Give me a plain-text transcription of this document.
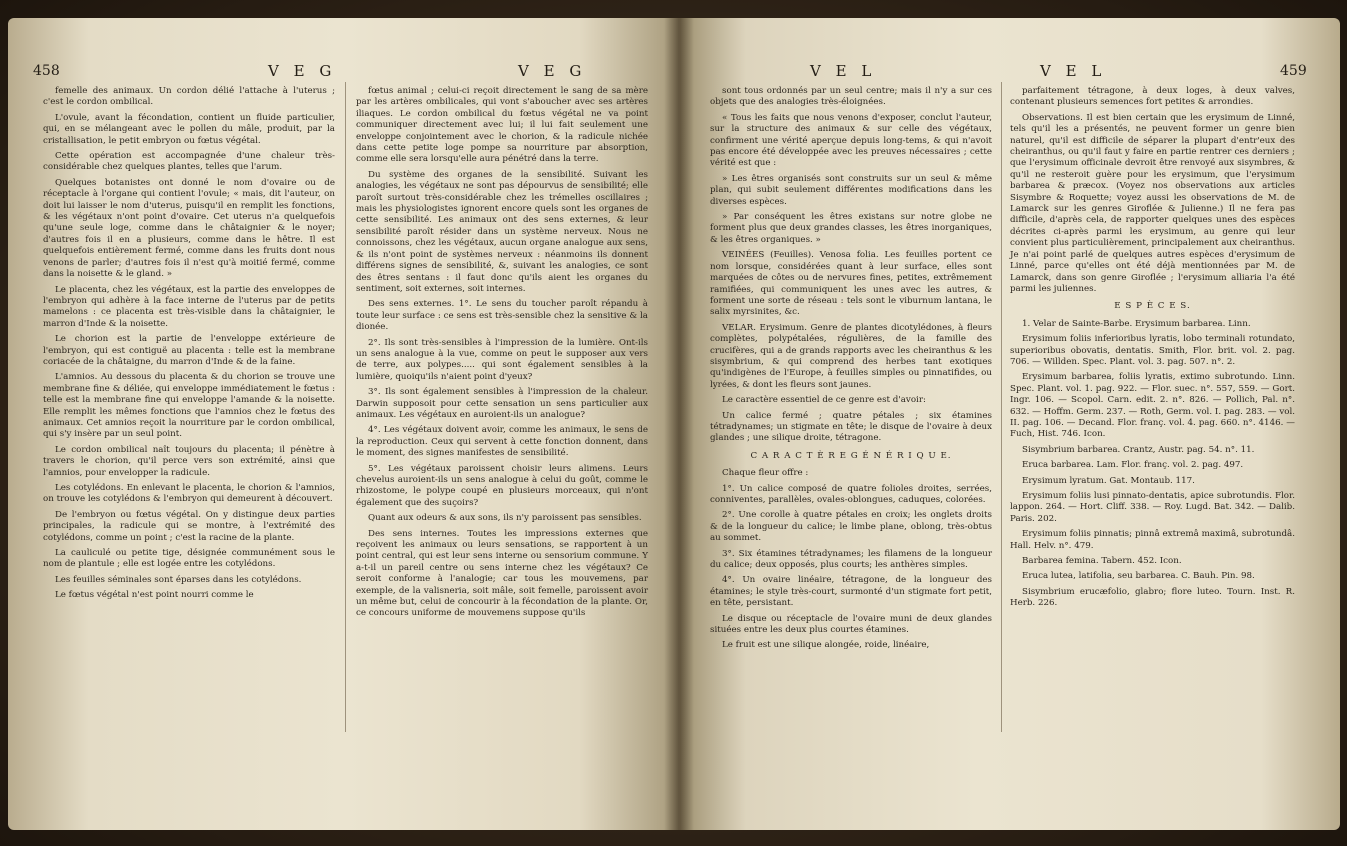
458	V E G	V E G

femelle des animaux. Un cordon délié l'attache à l'uterus ; c'est le cordon ombilical.

L'ovule, avant la fécondation, contient un fluide particulier, qui, en se mélangeant avec le pollen du mâle, produit, par la cristallisation, le petit embryon ou fœtus végétal.

Cette opération est accompagnée d'une chaleur très-considérable chez quelques plantes, telles que l'arum.

Quelques botanistes ont donné le nom d'ovaire ou de réceptacle à l'organe qui contient l'ovule; « mais, dit l'auteur, on doit lui laisser le nom d'uterus, puisqu'il en remplit les fonctions, & les végétaux n'ont point d'ovaire. Cet uterus n'a quelquefois qu'une seule loge, comme dans le châtaignier & le noyer; d'autres fois il en a plusieurs, comme dans le hêtre. Il est quelquefois entièrement fermé, comme dans les fruits dont nous venons de parler; d'autres fois il n'est qu'à moitié fermé, comme dans la noisette & le gland. »

Le placenta, chez les végétaux, est la partie des enveloppes de l'embryon qui adhère à la face interne de l'uterus par de petits mamelons : ce placenta est très-visible dans la châtaignier, le marron d'Inde & la noisette.

Le chorion est la partie de l'enveloppe extérieure de l'embryon, qui est contiguë au placenta : telle est la membrane coriacée de la châtaigne, du marron d'Inde & de la faine.

L'amnios. Au dessous du placenta & du chorion se trouve une membrane fine & déliée, qui enveloppe immédiatement le fœtus : telle est la membrane fine qui enveloppe l'amande & la noisette. Elle remplit les mêmes fonctions que l'amnios chez le fœtus des animaux. Cet amnios reçoit la nourriture par le cordon ombilical, qui s'y insère par un seul point.

Le cordon ombilical naît toujours du placenta; il pénètre à travers le chorion, qu'il perce vers son extrémité, ainsi que l'amnios, pour envelopper la radicule.

Les cotylédons. En enlevant le placenta, le chorion & l'amnios, on trouve les cotylédons & l'embryon qui demeurent à découvert.

De l'embryon ou fœtus végétal. On y distingue deux parties principales, la radicule qui se montre, à l'extrémité des cotylédons, comme un point ; c'est la racine de la plante.

La cauliculé ou petite tige, désignée communément sous le nom de plantule ; elle est logée entre les cotylédons.

Les feuilles séminales sont éparses dans les cotylédons.

Le fœtus végétal n'est point nourri comme le

fœtus animal ; celui-ci reçoit directement le sang de sa mère par les artères ombilicales, qui vont s'aboucher avec ses artères iliaques. Le cordon ombilical du fœtus végétal ne va point communiquer directement avec lui; il lui fait seulement une enveloppe conjointement avec le chorion, & la radicule nichée dans cette petite loge pompe sa nourriture par absorption, comme elle sera lorsqu'elle aura pénétré dans la terre.

Du système des organes de la sensibilité. Suivant les analogies, les végétaux ne sont pas dépourvus de sensibilité; elle paroît surtout très-considérable chez les trémelles oscillaires ; mais les physiologistes ignorent encore quels sont les organes de cette sensibilité. Les animaux ont des sens externes, & leur sensibilité paroît résider dans un système nerveux. Nous ne connoissons, chez les végétaux, aucun organe analogue aux sens, & ils n'ont point de systèmes nerveux : néanmoins ils donnent différens signes de sensibilité, &, suivant les analogies, ce sont des êtres sentans : il faut donc qu'ils aient les organes du sentiment, soit externes, soit internes.

Des sens externes. 1°. Le sens du toucher paroît répandu à toute leur surface : ce sens est très-sensible chez la sensitive & la dionée.

2°. Ils sont très-sensibles à l'impression de la lumière. Ont-ils un sens analogue à la vue, comme on peut le supposer aux vers de terre, aux polypes..... qui sont également sensibles à la lumière, quoiqu'ils n'aient point d'yeux?

3°. Ils sont également sensibles à l'impression de la chaleur. Darwin supposoit pour cette sensation un sens particulier aux animaux. Les végétaux en auroient-ils un analogue?

4°. Les végétaux doivent avoir, comme les animaux, le sens de la reproduction. Ceux qui servent à cette fonction donnent, dans le moment, des signes manifestes de sensibilité.

5°. Les végétaux paroissent choisir leurs alimens. Leurs chevelus auroient-ils un sens analogue à celui du goût, comme le rhizostome, le polype coupé en plusieurs morceaux, qui n'ont également que des suçoirs?

Quant aux odeurs & aux sons, ils n'y paroissent pas sensibles.

Des sens internes. Toutes les impressions externes que reçoivent les animaux ou leurs sensations, se rapportent à un point central, qui est leur sens interne ou sensorium commune. Y a-t-il un pareil centre ou sens interne chez les végétaux? Ce seroit conforme à l'analogie; car tous les mouvemens, par exemple, de la valisneria, soit mâle, soit femelle, paroissent avoir un même but, celui de concourir à la fécondation de la plante. Or, ce concours uniforme de mouvemens suppose qu'ils

V E L	V E L	459

sont tous ordonnés par un seul centre; mais il n'y a sur ces objets que des analogies très-éloignées.

« Tous les faits que nous venons d'exposer, conclut l'auteur, sur la structure des animaux & sur celle des végétaux, confirment une vérité aperçue depuis long-tems, & qui n'avoit pas encore été développée avec les preuves nécessaires ; cette vérité est que :

» Les êtres organisés sont construits sur un seul & même plan, qui subit seulement différentes modifications dans les diverses espèces.

» Par conséquent les êtres existans sur notre globe ne forment plus que deux grandes classes, les êtres inorganiques, & les êtres organiques. »

VEINÉES (Feuilles). Venosa folia. Les feuilles portent ce nom lorsque, considérées quant à leur surface, elles sont marquées de côtes ou de nervures fines, petites, extrêmement ramifiées, qui communiquent les unes avec les autres, & forment une sorte de réseau : tels sont le viburnum lantana, le salix myrsinites, &c.

VELAR. Erysimum. Genre de plantes dicotylédones, à fleurs complètes, polypétalées, régulières, de la famille des crucifères, qui a de grands rapports avec les cheiranthus & les sisymbrium, & qui comprend des herbes tant exotiques qu'indigènes de l'Europe, à feuilles simples ou pinnatifides, ou lyrées, & dont les fleurs sont jaunes.

Le caractère essentiel de ce genre est d'avoir:

Un calice fermé ; quatre pétales ; six étamines tétradynames; un stigmate en tête; le disque de l'ovaire à deux glandes ; une silique droite, tétragone.

C A R A C T È R E G É N É R I Q U E.

Chaque fleur offre :

1°. Un calice composé de quatre folioles droites, serrées, conniventes, parallèles, ovales-oblongues, caduques, colorées.

2°. Une corolle à quatre pétales en croix; les onglets droits & de la longueur du calice; le limbe plane, oblong, très-obtus au sommet.

3°. Six étamines tétradynames; les filamens de la longueur du calice; deux opposés, plus courts; les anthères simples.

4°. Un ovaire linéaire, tétragone, de la longueur des étamines; le style très-court, surmonté d'un stigmate fort petit, en tête, persistant.

Le disque ou réceptacle de l'ovaire muni de deux glandes situées entre les deux plus courtes étamines.

Le fruit est une silique alongée, roide, linéaire,

parfaitement tétragone, à deux loges, à deux valves, contenant plusieurs semences fort petites & arrondies.

Observations. Il est bien certain que les erysimum de Linné, tels qu'il les a présentés, ne peuvent former un genre bien naturel, qu'il est difficile de séparer la plupart d'entr'eux des cheiranthus, ou qu'il faut y faire en partie rentrer ces derniers ; que l'erysimum officinale devroit être renvoyé aux sisymbres, & qu'il ne resteroit guère pour les erysimum, que l'erysimum barbarea & præcox. (Voyez nos observations aux articles Sisymbre & Roquette; voyez aussi les observations de M. de Lamarck sur les genres Giroflée & Julienne.) Il ne fera pas difficile, d'après cela, de rapporter quelques unes des espèces décrites ci-après parmi les erysimum, au genre qui leur convient plus particulièrement, principalement aux cheiranthus. Je n'ai point parlé de quelques autres espèces d'erysimum de Linné, parce qu'elles ont été déjà mentionnées par M. de Lamarck, dans son genre Giroflée ; l'erysimum alliaria l'a été parmi les juliennes.

E S P È C E S.

1. Velar de Sainte-Barbe. Erysimum barbarea. Linn.

Erysimum foliis inferioribus lyratis, lobo terminali rotundato, superioribus obovatis, dentatis. Smith, Flor. brit. vol. 2. pag. 706. — Willden. Spec. Plant. vol. 3. pag. 507. n°. 2.

Erysimum barbarea, foliis lyratis, extimo subrotundo. Linn. Spec. Plant. vol. 1. pag. 922. — Flor. suec. n°. 557, 559. — Gort. Ingr. 106. — Scopol. Carn. edit. 2. n°. 826. — Pollich, Pal. n°. 632. — Hoffm. Germ. 237. — Roth, Germ. vol. I. pag. 283. — vol. II. pag. 106. — Decand. Flor. franç. vol. 4. pag. 660. n°. 4146. — Fuch, Hist. 746. Icon.

Sisymbrium barbarea. Crantz, Austr. pag. 54. n°. 11.

Eruca barbarea. Lam. Flor. franç. vol. 2. pag. 497.

Erysimum lyratum. Gat. Montaub. 117.

Erysimum foliis lusi pinnato-dentatis, apice subrotundis. Flor. lappon. 264. — Hort. Cliff. 338. — Roy. Lugd. Bat. 342. — Dalib. Paris. 202.

Erysimum foliis pinnatis; pinnâ extremâ maximâ, subrotundâ. Hall. Helv. n°. 479.

Barbarea femina. Tabern. 452. Icon.

Eruca lutea, latifolia, seu barbarea. C. Bauh. Pin. 98.

Sisymbrium erucæfolio, glabro; flore luteo. Tourn. Inst. R. Herb. 226.
